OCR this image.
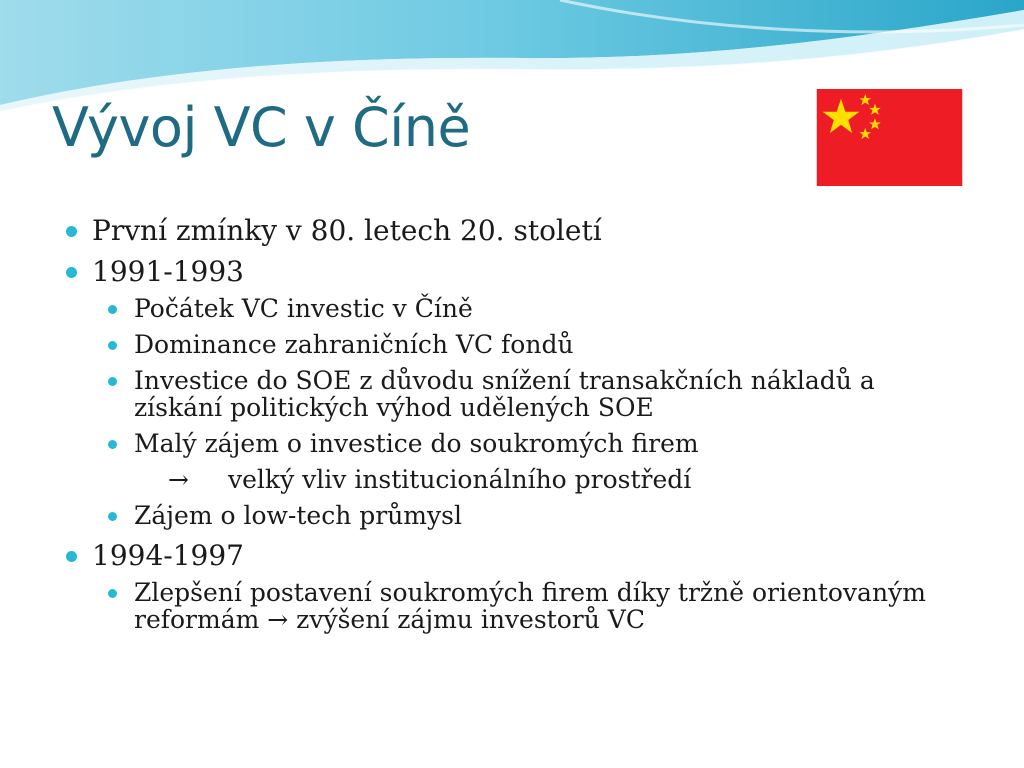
Vývoj VC v Číně
První zmínky v 80. letech 20. století
1991-1993
Počátek VC investic v Číně
Dominance zahraničních VC fondů
Investice do SOE z důvodu snížení transakčních nákladů a získání politických výhod udělených SOE
Malý zájem o investice do soukromých firem
→ velký vliv institucionálního prostředí
Zájem o low-tech průmysl
1994-1997
Zlepšení postavení soukromých firem díky tržně orientovaným reformám → zvýšení zájmu investorů VC
